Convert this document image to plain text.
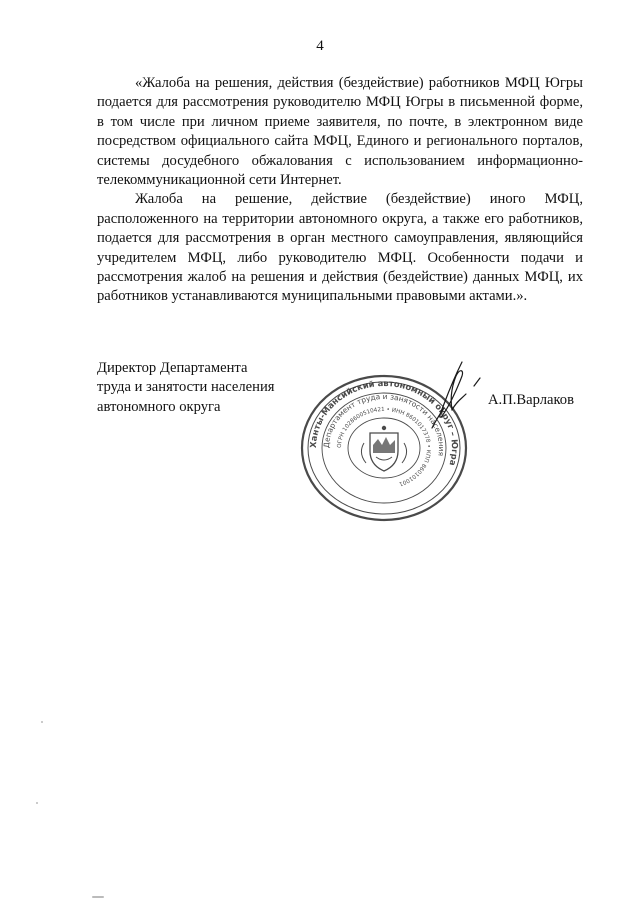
4

«Жалоба на решения, действия (бездействие) работников МФЦ Югры подается для рассмотрения руководителю МФЦ Югры в письменной форме, в том числе при личном приеме заявителя, по почте, в электронном виде посредством официального сайта МФЦ, Единого и регионального порталов, системы досудебного обжалования с использованием информационно-телекоммуникационной сети Интернет.

Жалоба на решение, действие (бездействие) иного МФЦ, расположенного на территории автономного округа, а также его работников, подается для рассмотрения в орган местного самоуправления, являющийся учредителем МФЦ, либо руководителю МФЦ. Особенности подачи и рассмотрения жалоб на решения и действия (бездействие) данных МФЦ, их работников устанавливаются муниципальными правовыми актами.».

Директор Департамента
труда и занятости населения
автономного округа
Ханты-Мансийский автономный округ – Югра
Департамент труда и занятости населения
ОГРН 1028600510421 • ИНН 8601017378 • КПП 860101001
А.П.Варлаков
